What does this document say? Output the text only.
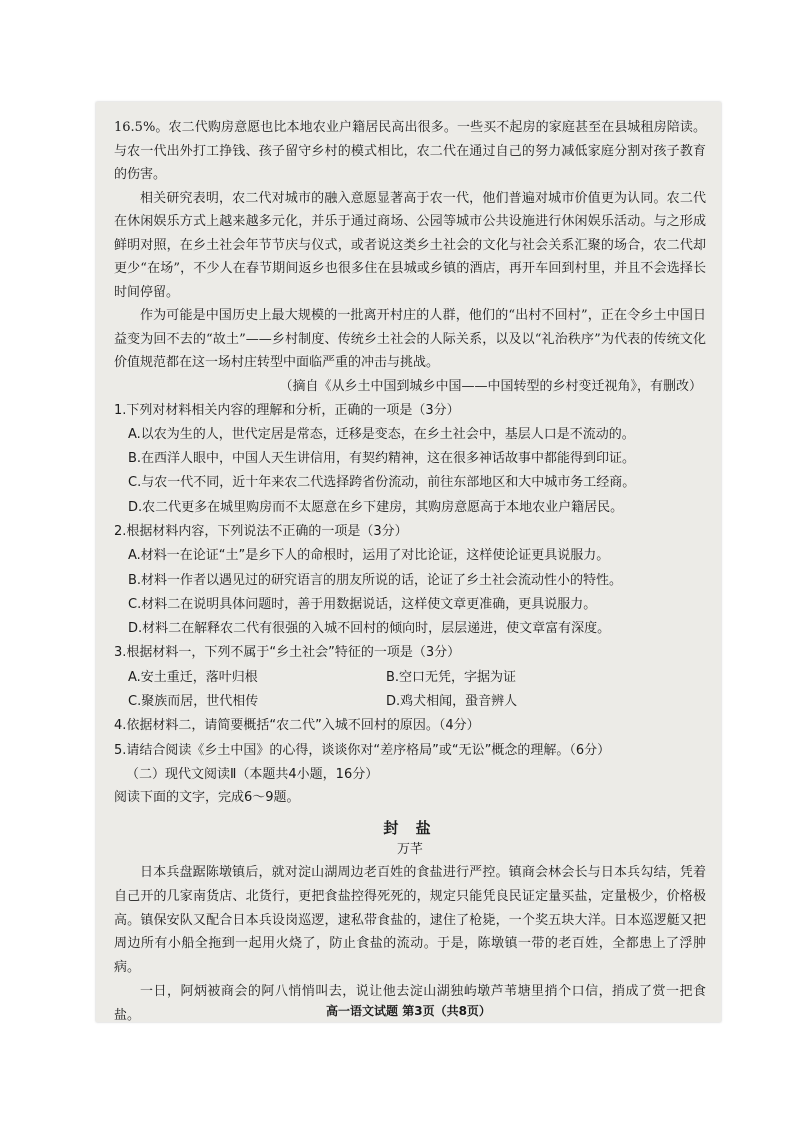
16.5%。农二代购房意愿也比本地农业户籍居民高出很多。一些买不起房的家庭甚至在县城租房陪读。与农一代出外打工挣钱、孩子留守乡村的模式相比，农二代在通过自己的努力减低家庭分割对孩子教育的伤害。

相关研究表明，农二代对城市的融入意愿显著高于农一代，他们普遍对城市价值更为认同。农二代在休闲娱乐方式上越来越多元化，并乐于通过商场、公园等城市公共设施进行休闲娱乐活动。与之形成鲜明对照，在乡土社会年节节庆与仪式，或者说这类乡土社会的文化与社会关系汇聚的场合，农二代却更少“在场”，不少人在春节期间返乡也很多住在县城或乡镇的酒店，再开车回到村里，并且不会选择长时间停留。

作为可能是中国历史上最大规模的一批离开村庄的人群，他们的“出村不回村”，正在令乡土中国日益变为回不去的“故土”——乡村制度、传统乡土社会的人际关系，以及以“礼治秩序”为代表的传统文化价值规范都在这一场村庄转型中面临严重的冲击与挑战。

（摘自《从乡土中国到城乡中国——中国转型的乡村变迁视角》，有删改）

1.下列对材料相关内容的理解和分析，正确的一项是（3分）

A.以农为生的人，世代定居是常态，迁移是变态，在乡土社会中，基层人口是不流动的。

B.在西洋人眼中，中国人天生讲信用，有契约精神，这在很多神话故事中都能得到印证。

C.与农一代不同，近十年来农二代选择跨省份流动，前往东部地区和大中城市务工经商。

D.农二代更多在城里购房而不太愿意在乡下建房，其购房意愿高于本地农业户籍居民。

2.根据材料内容，下列说法不正确的一项是（3分）

A.材料一在论证“土”是乡下人的命根时，运用了对比论证，这样使论证更具说服力。

B.材料一作者以遇见过的研究语言的朋友所说的话，论证了乡土社会流动性小的特性。

C.材料二在说明具体问题时，善于用数据说话，这样使文章更准确，更具说服力。

D.材料二在解释农二代有很强的入城不回村的倾向时，层层递进，使文章富有深度。

3.根据材料一，下列不属于“乡土社会”特征的一项是（3分）

A.安土重迁，落叶归根	B.空口无凭，字据为证
C.聚族而居，世代相传	D.鸡犬相闻，蛩音辨人

4.依据材料二，请简要概括“农二代”入城不回村的原因。（4分）

5.请结合阅读《乡土中国》的心得，谈谈你对“差序格局”或“无讼”概念的理解。（6分）

（二）现代文阅读Ⅱ（本题共4小题，16分）

阅读下面的文字，完成6～9题。

封 盐

万芊

日本兵盘踞陈墩镇后，就对淀山湖周边老百姓的食盐进行严控。镇商会林会长与日本兵勾结，凭着自己开的几家南货店、北货行，更把食盐控得死死的，规定只能凭良民证定量买盐，定量极少，价格极高。镇保安队又配合日本兵设岗巡逻，逮私带食盐的，逮住了枪毙，一个奖五块大洋。日本巡逻艇又把周边所有小船全拖到一起用火烧了，防止食盐的流动。于是，陈墩镇一带的老百姓，全都患上了浮肿病。

一日，阿炳被商会的阿八悄悄叫去，说让他去淀山湖独屿墩芦苇塘里捎个口信，捎成了赏一把食盐。	高一语文试题 第3页（共8页）
